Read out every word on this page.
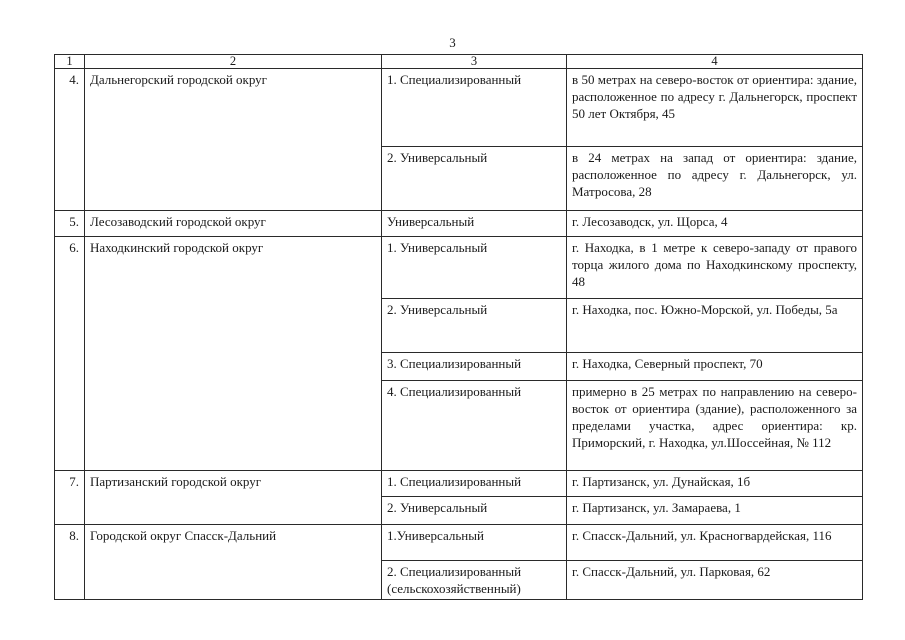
3
1	2	3	4
4.	Дальнегорский городской округ	1. Специализированный	в 50 метрах на северо-восток от ориентира: здание, расположенное по адресу г. Дальнегорск, проспект 50 лет Октября, 45
		2. Универсальный	в 24 метрах на запад от ориентира: здание, расположенное по адресу г. Дальнегорск, ул. Матросова, 28
5.	Лесозаводский городской округ	Универсальный	г. Лесозаводск, ул. Щорса, 4
6.	Находкинский городской округ	1. Универсальный	г. Находка, в 1 метре к северо-западу от правого торца жилого дома по Находкинскому проспекту, 48
		2. Универсальный	г. Находка, пос. Южно-Морской, ул. Победы, 5а
		3. Специализированный	г. Находка, Северный проспект, 70
		4. Специализированный	примерно в 25 метрах по направлению на северо-восток от ориентира (здание), расположенного за пределами участка, адрес ориентира: кр. Приморский, г. Находка, ул.Шоссейная, № 112
7.	Партизанский городской округ	1. Специализированный	г. Партизанск, ул. Дунайская, 1б
		2. Универсальный	г. Партизанск, ул. Замараева, 1
8.	Городской округ Спасск-Дальний	1.Универсальный	г. Спасск-Дальний, ул. Красногвардейская, 116
		2. Специализированный (сельскохозяйственный)	г. Спасск-Дальний, ул. Парковая, 62
